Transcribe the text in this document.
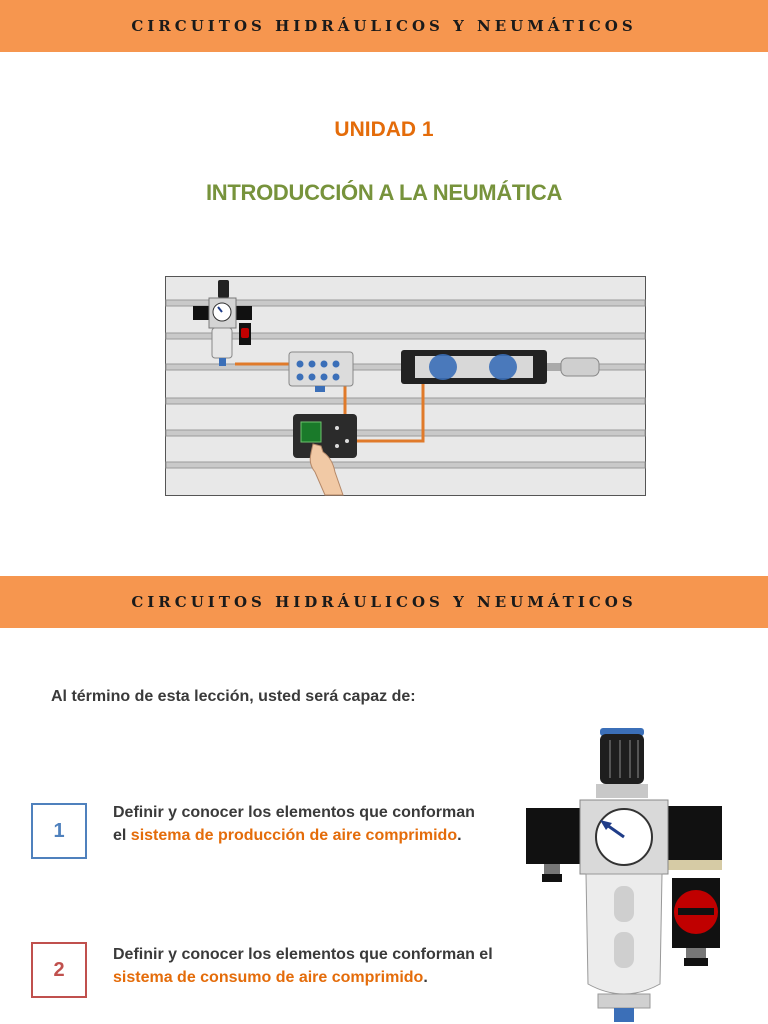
CIRCUITOS HIDRÁULICOS Y NEUMÁTICOS
UNIDAD 1
INTRODUCCIÓN A LA NEUMÁTICA
CIRCUITOS HIDRÁULICOS Y NEUMÁTICOS
Al término de esta lección, usted será capaz de:
1
Definir y conocer los elementos que conforman el sistema de producción de aire comprimido.
2
Definir y conocer los elementos que conforman el sistema de consumo de aire comprimido.
